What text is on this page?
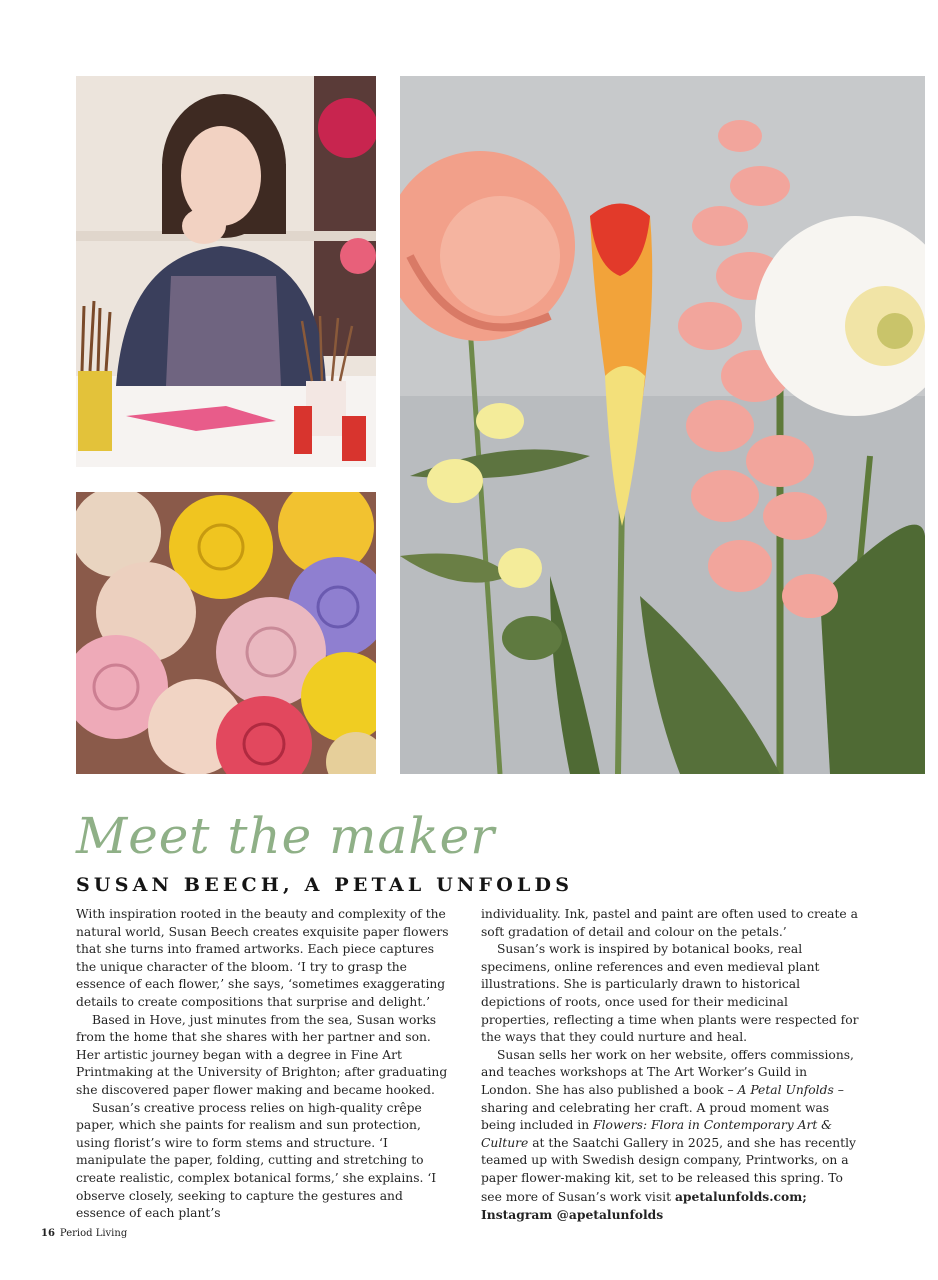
Meet the maker
SUSAN BEECH, A PETAL UNFOLDS

With inspiration rooted in the beauty and complexity of the natural world, Susan Beech creates exquisite paper flowers that she turns into framed artworks. Each piece captures the unique character of the bloom. ‘I try to grasp the essence of each flower,’ she says, ‘sometimes exaggerating details to create compositions that surprise and delight.’

Based in Hove, just minutes from the sea, Susan works from the home that she shares with her partner and son. Her artistic journey began with a degree in Fine Art Printmaking at the University of Brighton; after graduating she discovered paper flower making and became hooked.

Susan’s creative process relies on high-quality crêpe paper, which she paints for realism and sun protection, using florist’s wire to form stems and structure. ‘I manipulate the paper, folding, cutting and stretching to create realistic, complex botanical forms,’ she explains. ‘I observe closely, seeking to capture the gestures and essence of each plant’s

individuality. Ink, pastel and paint are often used to create a soft gradation of detail and colour on the petals.’

Susan’s work is inspired by botanical books, real specimens, online references and even medieval plant illustrations. She is particularly drawn to historical depictions of roots, once used for their medicinal properties, reflecting a time when plants were respected for the ways that they could nurture and heal.

Susan sells her work on her website, offers commissions, and teaches workshops at The Art Worker’s Guild in London. She has also published a book – A Petal Unfolds – sharing and celebrating her craft. A proud moment was being included in Flowers: Flora in Contemporary Art & Culture at the Saatchi Gallery in 2025, and she has recently teamed up with Swedish design company, Printworks, on a paper flower-making kit, set to be released this spring. To see more of Susan’s work visit apetalunfolds.com; Instagram @apetalunfolds

16 Period Living
